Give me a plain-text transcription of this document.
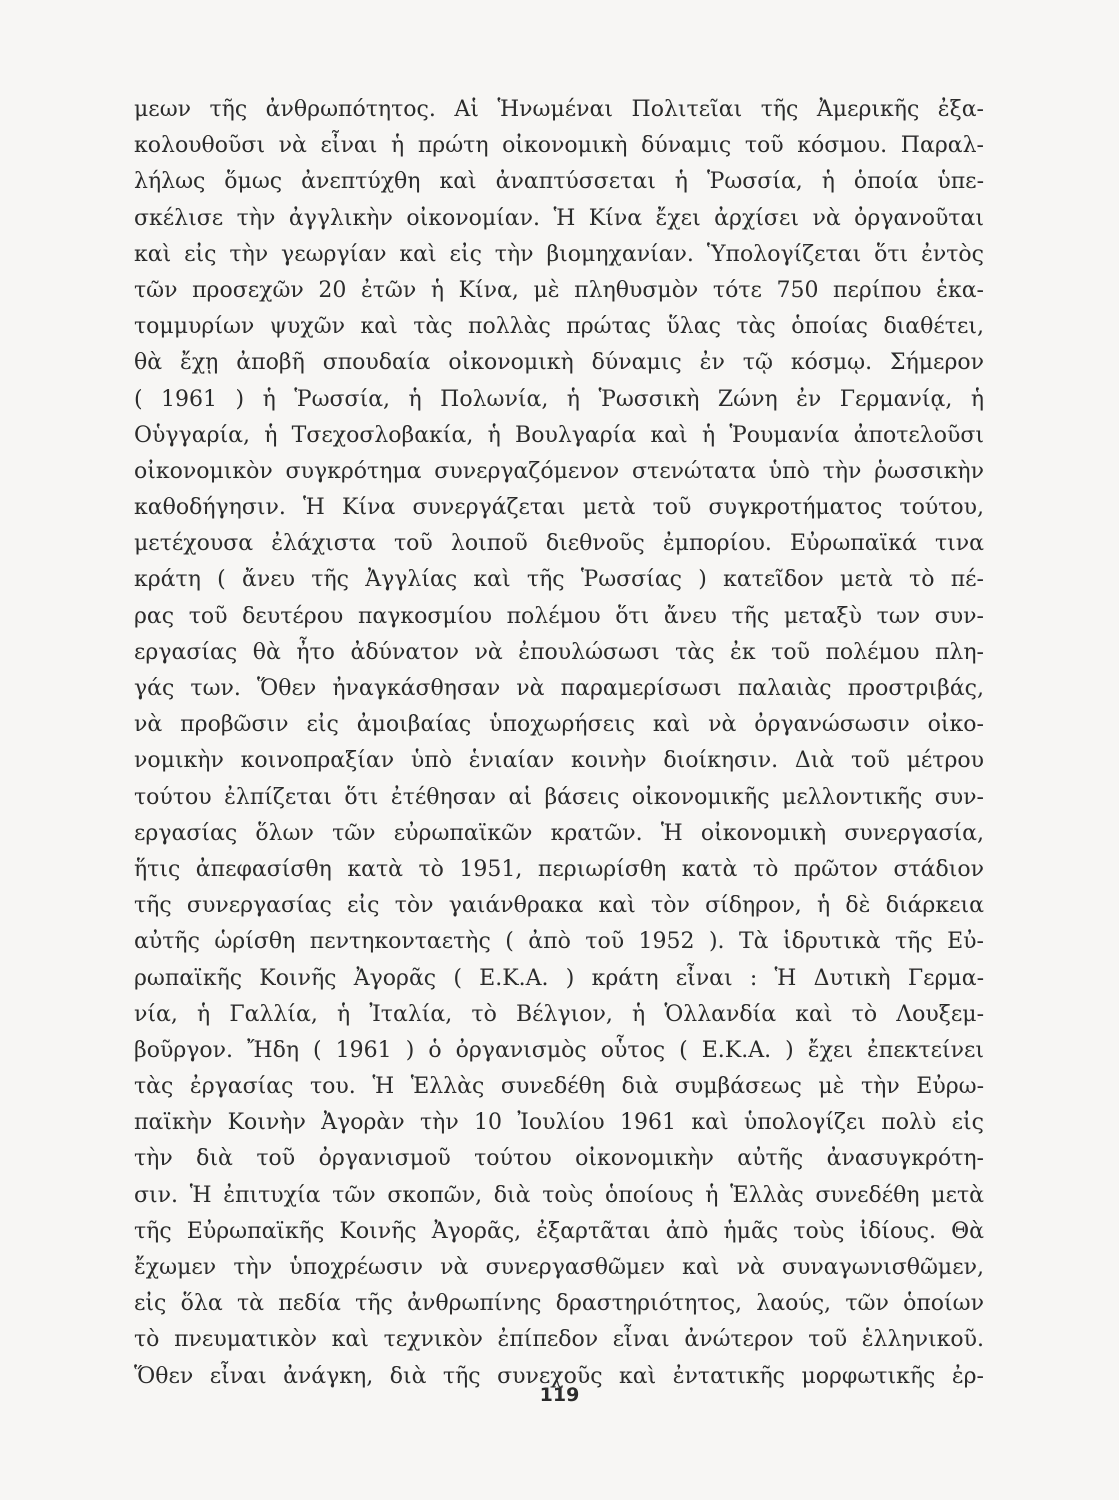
μεων τῆς ἀνθρωπότητος. Αἱ Ἡνωμέναι Πολιτεῖαι τῆς Ἀμερικῆς ἐξα-
κολουθοῦσι νὰ εἶναι ἡ πρώτη οἰκονομικὴ δύναμις τοῦ κόσμου. Παραλ-
λήλως ὅμως ἀνεπτύχθη καὶ ἀναπτύσσεται ἡ Ῥωσσία, ἡ ὁποία ὑπε-
σκέλισε τὴν ἀγγλικὴν οἰκονομίαν. Ἡ Κίνα ἔχει ἀρχίσει νὰ ὀργανοῦται
καὶ εἰς τὴν γεωργίαν καὶ εἰς τὴν βιομηχανίαν. Ὑπολογίζεται ὅτι ἐντὸς
τῶν προσεχῶν 20 ἐτῶν ἡ Κίνα, μὲ πληθυσμὸν τότε 750 περίπου ἑκα-
τομμυρίων ψυχῶν καὶ τὰς πολλὰς πρώτας ὕλας τὰς ὁποίας διαθέτει,
θὰ ἔχῃ ἀποβῆ σπουδαία οἰκονομικὴ δύναμις ἐν τῷ κόσμῳ. Σήμερον
( 1961 ) ἡ Ῥωσσία, ἡ Πολωνία, ἡ Ῥωσσικὴ Ζώνη ἐν Γερμανίᾳ, ἡ
Οὑγγαρία, ἡ Τσεχοσλοβακία, ἡ Βουλγαρία καὶ ἡ Ῥουμανία ἀποτελοῦσι
οἰκονομικὸν συγκρότημα συνεργαζόμενον στενώτατα ὑπὸ τὴν ῥωσσικὴν
καθοδήγησιν. Ἡ Κίνα συνεργάζεται μετὰ τοῦ συγκροτήματος τούτου,
μετέχουσα ἐλάχιστα τοῦ λοιποῦ διεθνοῦς ἐμπορίου. Εὐρωπαϊκά τινα
κράτη ( ἄνευ τῆς Ἀγγλίας καὶ τῆς Ῥωσσίας ) κατεῖδον μετὰ τὸ πέ-
ρας τοῦ δευτέρου παγκοσμίου πολέμου ὅτι ἄνευ τῆς μεταξὺ των συν-
εργασίας θὰ ἦτο ἀδύνατον νὰ ἐπουλώσωσι τὰς ἐκ τοῦ πολέμου πλη-
γάς των. Ὅθεν ἠναγκάσθησαν νὰ παραμερίσωσι παλαιὰς προστριβάς,
νὰ προβῶσιν εἰς ἀμοιβαίας ὑποχωρήσεις καὶ νὰ ὀργανώσωσιν οἰκο-
νομικὴν κοινοπραξίαν ὑπὸ ἑνιαίαν κοινὴν διοίκησιν. Διὰ τοῦ μέτρου
τούτου ἐλπίζεται ὅτι ἐτέθησαν αἱ βάσεις οἰκονομικῆς μελλοντικῆς συν-
εργασίας ὅλων τῶν εὐρωπαϊκῶν κρατῶν. Ἡ οἰκονομικὴ συνεργασία,
ἥτις ἀπεφασίσθη κατὰ τὸ 1951, περιωρίσθη κατὰ τὸ πρῶτον στάδιον
τῆς συνεργασίας εἰς τὸν γαιάνθρακα καὶ τὸν σίδηρον, ἡ δὲ διάρκεια
αὐτῆς ὡρίσθη πεντηκονταετὴς ( ἀπὸ τοῦ 1952 ). Τὰ ἱδρυτικὰ τῆς Εὐ-
ρωπαϊκῆς Κοινῆς Ἀγορᾶς ( Ε.Κ.Α. ) κράτη εἶναι : Ἡ Δυτικὴ Γερμα-
νία, ἡ Γαλλία, ἡ Ἰταλία, τὸ Βέλγιον, ἡ Ὁλλανδία καὶ τὸ Λουξεμ-
βοῦργον. Ἤδη ( 1961 ) ὁ ὀργανισμὸς οὗτος ( Ε.Κ.Α. ) ἔχει ἐπεκτείνει
τὰς ἐργασίας του. Ἡ Ἑλλὰς συνεδέθη διὰ συμβάσεως μὲ τὴν Εὐρω-
παϊκὴν Κοινὴν Ἀγορὰν τὴν 10 Ἰουλίου 1961 καὶ ὑπολογίζει πολὺ εἰς
τὴν διὰ τοῦ ὀργανισμοῦ τούτου οἰκονομικὴν αὐτῆς ἀνασυγκρότη-
σιν. Ἡ ἐπιτυχία τῶν σκοπῶν, διὰ τοὺς ὁποίους ἡ Ἑλλὰς συνεδέθη μετὰ
τῆς Εὐρωπαϊκῆς Κοινῆς Ἀγορᾶς, ἐξαρτᾶται ἀπὸ ἡμᾶς τοὺς ἰδίους. Θὰ
ἔχωμεν τὴν ὑποχρέωσιν νὰ συνεργασθῶμεν καὶ νὰ συναγωνισθῶμεν,
εἰς ὅλα τὰ πεδία τῆς ἀνθρωπίνης δραστηριότητος, λαούς, τῶν ὁποίων
τὸ πνευματικὸν καὶ τεχνικὸν ἐπίπεδον εἶναι ἀνώτερον τοῦ ἑλληνικοῦ.
Ὅθεν εἶναι ἀνάγκη, διὰ τῆς συνεχοῦς καὶ ἐντατικῆς μορφωτικῆς ἐρ-
119
